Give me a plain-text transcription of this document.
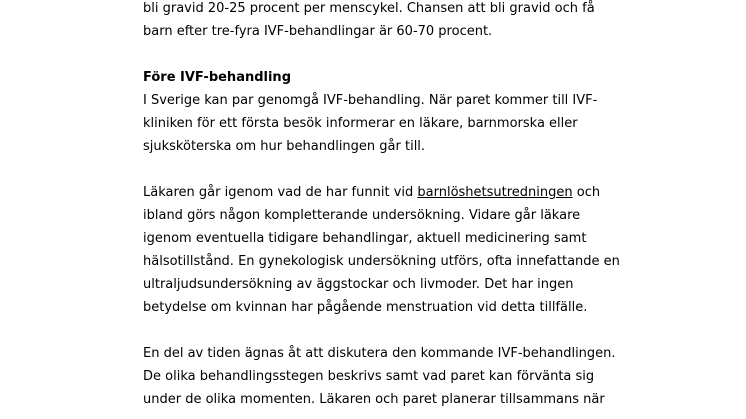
bli gravid 20-25 procent per menscykel. Chansen att bli gravid och få
barn efter tre-fyra IVF-behandlingar är 60-70 procent.
Före IVF-behandling
I Sverige kan par genomgå IVF-behandling. När paret kommer till IVF-
kliniken för ett första besök informerar en läkare, barnmorska eller
sjuksköterska om hur behandlingen går till.
Läkaren går igenom vad de har funnit vid barnlöshetsutredningen och
ibland görs någon kompletterande undersökning. Vidare går läkare
igenom eventuella tidigare behandlingar, aktuell medicinering samt
hälsotillstånd. En gynekologisk undersökning utförs, ofta innefattande en
ultraljudsundersökning av äggstockar och livmoder. Det har ingen
betydelse om kvinnan har pågående menstruation vid detta tillfälle.
En del av tiden ägnas åt att diskutera den kommande IVF-behandlingen.
De olika behandlingsstegen beskrivs samt vad paret kan förvänta sig
under de olika momenten. Läkaren och paret planerar tillsammans när
